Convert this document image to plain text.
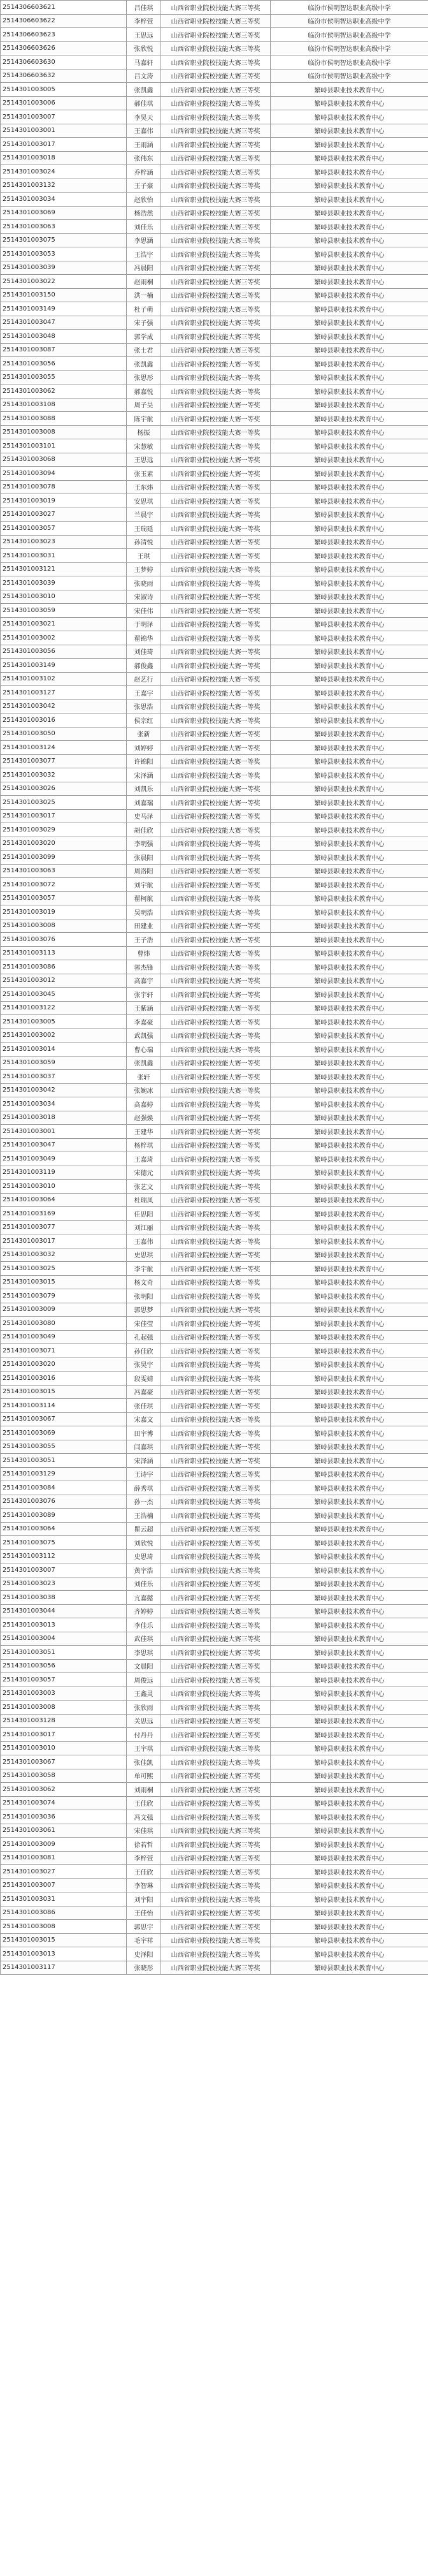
2514306603621	吕佳琪	山西省职业院校技能大赛三等奖	临汾市侯明智达职业高级中学
2514306603622	李梓萱	山西省职业院校技能大赛三等奖	临汾市侯明智达职业高级中学
2514306603623	王思远	山西省职业院校技能大赛三等奖	临汾市侯明智达职业高级中学
2514306603626	张欣悦	山西省职业院校技能大赛三等奖	临汾市侯明智达职业高级中学
2514306603630	马嘉轩	山西省职业院校技能大赛三等奖	临汾市侯明智达职业高级中学
2514306603632	吕文涛	山西省职业院校技能大赛三等奖	临汾市侯明智达职业高级中学
2514301003005	张凯鑫	山西省职业院校技能大赛三等奖	繁峙县职业技术教育中心
2514301003006	郝佳琪	山西省职业院校技能大赛三等奖	繁峙县职业技术教育中心
2514301003007	李昊天	山西省职业院校技能大赛三等奖	繁峙县职业技术教育中心
2514301003001	王嘉伟	山西省职业院校技能大赛三等奖	繁峙县职业技术教育中心
2514301003017	王雨涵	山西省职业院校技能大赛三等奖	繁峙县职业技术教育中心
2514301003018	张伟东	山西省职业院校技能大赛三等奖	繁峙县职业技术教育中心
2514301003024	乔梓涵	山西省职业院校技能大赛三等奖	繁峙县职业技术教育中心
2514301003132	王子豪	山西省职业院校技能大赛三等奖	繁峙县职业技术教育中心
2514301003034	赵欣怡	山西省职业院校技能大赛三等奖	繁峙县职业技术教育中心
2514301003069	杨浩然	山西省职业院校技能大赛三等奖	繁峙县职业技术教育中心
2514301003063	刘佳乐	山西省职业院校技能大赛三等奖	繁峙县职业技术教育中心
2514301003075	李思涵	山西省职业院校技能大赛三等奖	繁峙县职业技术教育中心
2514301003053	王浩宇	山西省职业院校技能大赛三等奖	繁峙县职业技术教育中心
2514301003039	冯晨阳	山西省职业院校技能大赛三等奖	繁峙县职业技术教育中心
2514301003022	赵雨桐	山西省职业院校技能大赛三等奖	繁峙县职业技术教育中心
2514301003150	洪一楠	山西省职业院校技能大赛三等奖	繁峙县职业技术教育中心
2514301003149	杜子萌	山西省职业院校技能大赛三等奖	繁峙县职业技术教育中心
2514301003047	宋子强	山西省职业院校技能大赛三等奖	繁峙县职业技术教育中心
2514301003048	郭学成	山西省职业院校技能大赛三等奖	繁峙县职业技术教育中心
2514301003087	张士君	山西省职业院校技能大赛三等奖	繁峙县职业技术教育中心
2514301003056	张凯鑫	山西省职业院校技能大赛一等奖	繁峙县职业技术教育中心
2514301003055	张思彤	山西省职业院校技能大赛一等奖	繁峙县职业技术教育中心
2514301003062	郝嘉悦	山西省职业院校技能大赛一等奖	繁峙县职业技术教育中心
2514301003108	周子昊	山西省职业院校技能大赛一等奖	繁峙县职业技术教育中心
2514301003088	陈宇航	山西省职业院校技能大赛一等奖	繁峙县职业技术教育中心
2514301003008	杨振	山西省职业院校技能大赛一等奖	繁峙县职业技术教育中心
2514301003101	宋慧敏	山西省职业院校技能大赛一等奖	繁峙县职业技术教育中心
2514301003068	王思远	山西省职业院校技能大赛一等奖	繁峙县职业技术教育中心
2514301003094	张玉素	山西省职业院校技能大赛一等奖	繁峙县职业技术教育中心
2514301003078	王东炜	山西省职业院校技能大赛一等奖	繁峙县职业技术教育中心
2514301003019	安思琪	山西省职业院校技能大赛一等奖	繁峙县职业技术教育中心
2514301003027	兰晨宇	山西省职业院校技能大赛一等奖	繁峙县职业技术教育中心
2514301003057	王瑞延	山西省职业院校技能大赛一等奖	繁峙县职业技术教育中心
2514301003023	孙清悦	山西省职业院校技能大赛一等奖	繁峙县职业技术教育中心
2514301003031	王琪	山西省职业院校技能大赛一等奖	繁峙县职业技术教育中心
2514301003121	王梦婷	山西省职业院校技能大赛一等奖	繁峙县职业技术教育中心
2514301003039	张晓雨	山西省职业院校技能大赛一等奖	繁峙县职业技术教育中心
2514301003010	宋淑诗	山西省职业院校技能大赛一等奖	繁峙县职业技术教育中心
2514301003059	宋佳伟	山西省职业院校技能大赛一等奖	繁峙县职业技术教育中心
2514301003021	于明泽	山西省职业院校技能大赛一等奖	繁峙县职业技术教育中心
2514301003002	翟锦华	山西省职业院校技能大赛一等奖	繁峙县职业技术教育中心
2514301003056	刘佳琦	山西省职业院校技能大赛一等奖	繁峙县职业技术教育中心
2514301003149	郝俊鑫	山西省职业院校技能大赛一等奖	繁峙县职业技术教育中心
2514301003102	赵艺行	山西省职业院校技能大赛一等奖	繁峙县职业技术教育中心
2514301003127	王嘉宇	山西省职业院校技能大赛一等奖	繁峙县职业技术教育中心
2514301003042	张思浩	山西省职业院校技能大赛一等奖	繁峙县职业技术教育中心
2514301003016	侯宗红	山西省职业院校技能大赛一等奖	繁峙县职业技术教育中心
2514301003050	张新	山西省职业院校技能大赛一等奖	繁峙县职业技术教育中心
2514301003124	刘婷婷	山西省职业院校技能大赛一等奖	繁峙县职业技术教育中心
2514301003077	许锦阳	山西省职业院校技能大赛一等奖	繁峙县职业技术教育中心
2514301003032	宋泽涵	山西省职业院校技能大赛一等奖	繁峙县职业技术教育中心
2514301003026	刘凯乐	山西省职业院校技能大赛一等奖	繁峙县职业技术教育中心
2514301003025	刘嘉瑞	山西省职业院校技能大赛一等奖	繁峙县职业技术教育中心
2514301003017	史马泽	山西省职业院校技能大赛一等奖	繁峙县职业技术教育中心
2514301003029	胡佳欣	山西省职业院校技能大赛一等奖	繁峙县职业技术教育中心
2514301003020	李明强	山西省职业院校技能大赛一等奖	繁峙县职业技术教育中心
2514301003099	张晨阳	山西省职业院校技能大赛一等奖	繁峙县职业技术教育中心
2514301003063	周洛阳	山西省职业院校技能大赛一等奖	繁峙县职业技术教育中心
2514301003072	刘宇航	山西省职业院校技能大赛一等奖	繁峙县职业技术教育中心
2514301003057	翟柯航	山西省职业院校技能大赛一等奖	繁峙县职业技术教育中心
2514301003019	吴明浩	山西省职业院校技能大赛一等奖	繁峙县职业技术教育中心
2514301003008	田建业	山西省职业院校技能大赛一等奖	繁峙县职业技术教育中心
2514301003076	王子浩	山西省职业院校技能大赛一等奖	繁峙县职业技术教育中心
2514301003113	曹炜	山西省职业院校技能大赛一等奖	繁峙县职业技术教育中心
2514301003086	郭杰锋	山西省职业院校技能大赛一等奖	繁峙县职业技术教育中心
2514301003012	高嘉宇	山西省职业院校技能大赛一等奖	繁峙县职业技术教育中心
2514301003045	张宇轩	山西省职业院校技能大赛一等奖	繁峙县职业技术教育中心
2514301003122	王紫涵	山西省职业院校技能大赛一等奖	繁峙县职业技术教育中心
2514301003005	李嘉豪	山西省职业院校技能大赛一等奖	繁峙县职业技术教育中心
2514301003002	武凯强	山西省职业院校技能大赛一等奖	繁峙县职业技术教育中心
2514301003014	曹心瑞	山西省职业院校技能大赛一等奖	繁峙县职业技术教育中心
2514301003059	张凯鑫	山西省职业院校技能大赛一等奖	繁峙县职业技术教育中心
2514301003037	张轩	山西省职业院校技能大赛一等奖	繁峙县职业技术教育中心
2514301003042	张婉冰	山西省职业院校技能大赛一等奖	繁峙县职业技术教育中心
2514301003034	高嘉婷	山西省职业院校技能大赛一等奖	繁峙县职业技术教育中心
2514301003018	赵强焕	山西省职业院校技能大赛一等奖	繁峙县职业技术教育中心
2514301003001	王建华	山西省职业院校技能大赛一等奖	繁峙县职业技术教育中心
2514301003047	杨梓琪	山西省职业院校技能大赛一等奖	繁峙县职业技术教育中心
2514301003049	王嘉琦	山西省职业院校技能大赛一等奖	繁峙县职业技术教育中心
2514301003119	宋德元	山西省职业院校技能大赛一等奖	繁峙县职业技术教育中心
2514301003010	张艺文	山西省职业院校技能大赛一等奖	繁峙县职业技术教育中心
2514301003064	杜瑞凤	山西省职业院校技能大赛一等奖	繁峙县职业技术教育中心
2514301003169	任思阳	山西省职业院校技能大赛一等奖	繁峙县职业技术教育中心
2514301003077	刘江丽	山西省职业院校技能大赛一等奖	繁峙县职业技术教育中心
2514301003017	王嘉伟	山西省职业院校技能大赛一等奖	繁峙县职业技术教育中心
2514301003032	史思琪	山西省职业院校技能大赛一等奖	繁峙县职业技术教育中心
2514301003025	李宇航	山西省职业院校技能大赛一等奖	繁峙县职业技术教育中心
2514301003015	杨文奇	山西省职业院校技能大赛一等奖	繁峙县职业技术教育中心
2514301003079	张明阳	山西省职业院校技能大赛一等奖	繁峙县职业技术教育中心
2514301003009	郭思梦	山西省职业院校技能大赛一等奖	繁峙县职业技术教育中心
2514301003080	宋佳莹	山西省职业院校技能大赛一等奖	繁峙县职业技术教育中心
2514301003049	孔起强	山西省职业院校技能大赛一等奖	繁峙县职业技术教育中心
2514301003071	孙佳欣	山西省职业院校技能大赛一等奖	繁峙县职业技术教育中心
2514301003020	张昊宇	山西省职业院校技能大赛一等奖	繁峙县职业技术教育中心
2514301003016	段雯婧	山西省职业院校技能大赛一等奖	繁峙县职业技术教育中心
2514301003015	冯嘉豪	山西省职业院校技能大赛一等奖	繁峙县职业技术教育中心
2514301003114	张佳琪	山西省职业院校技能大赛一等奖	繁峙县职业技术教育中心
2514301003067	宋嘉文	山西省职业院校技能大赛一等奖	繁峙县职业技术教育中心
2514301003069	田宇博	山西省职业院校技能大赛一等奖	繁峙县职业技术教育中心
2514301003055	闫嘉琪	山西省职业院校技能大赛一等奖	繁峙县职业技术教育中心
2514301003051	宋泽涵	山西省职业院校技能大赛一等奖	繁峙县职业技术教育中心
2514301003129	王诗宇	山西省职业院校技能大赛三等奖	繁峙县职业技术教育中心
2514301003084	薛秀琪	山西省职业院校技能大赛三等奖	繁峙县职业技术教育中心
2514301003076	孙一杰	山西省职业院校技能大赛三等奖	繁峙县职业技术教育中心
2514301003089	王浩楠	山西省职业院校技能大赛三等奖	繁峙县职业技术教育中心
2514301003064	瞿云超	山西省职业院校技能大赛三等奖	繁峙县职业技术教育中心
2514301003075	刘欣悦	山西省职业院校技能大赛三等奖	繁峙县职业技术教育中心
2514301003112	史思琦	山西省职业院校技能大赛三等奖	繁峙县职业技术教育中心
2514301003007	黄宇浩	山西省职业院校技能大赛三等奖	繁峙县职业技术教育中心
2514301003023	刘佳乐	山西省职业院校技能大赛三等奖	繁峙县职业技术教育中心
2514301003038	亢嘉懿	山西省职业院校技能大赛三等奖	繁峙县职业技术教育中心
2514301003044	齐婷婷	山西省职业院校技能大赛三等奖	繁峙县职业技术教育中心
2514301003013	李佳乐	山西省职业院校技能大赛三等奖	繁峙县职业技术教育中心
2514301003004	武佳琪	山西省职业院校技能大赛三等奖	繁峙县职业技术教育中心
2514301003051	李思琪	山西省职业院校技能大赛三等奖	繁峙县职业技术教育中心
2514301003056	文晨阳	山西省职业院校技能大赛三等奖	繁峙县职业技术教育中心
2514301003057	周俊远	山西省职业院校技能大赛三等奖	繁峙县职业技术教育中心
2514301003003	王鑫灵	山西省职业院校技能大赛三等奖	繁峙县职业技术教育中心
2514301003008	张欣雨	山西省职业院校技能大赛三等奖	繁峙县职业技术教育中心
2514301003128	关思远	山西省职业院校技能大赛三等奖	繁峙县职业技术教育中心
2514301003017	付丹丹	山西省职业院校技能大赛三等奖	繁峙县职业技术教育中心
2514301003010	王宇琪	山西省职业院校技能大赛三等奖	繁峙县职业技术教育中心
2514301003067	张佳凯	山西省职业院校技能大赛三等奖	繁峙县职业技术教育中心
2514301003058	单可熙	山西省职业院校技能大赛三等奖	繁峙县职业技术教育中心
2514301003062	刘雨桐	山西省职业院校技能大赛三等奖	繁峙县职业技术教育中心
2514301003074	王佳欣	山西省职业院校技能大赛三等奖	繁峙县职业技术教育中心
2514301003036	冯文强	山西省职业院校技能大赛三等奖	繁峙县职业技术教育中心
2514301003061	宋佳琪	山西省职业院校技能大赛三等奖	繁峙县职业技术教育中心
2514301003009	徐若哲	山西省职业院校技能大赛三等奖	繁峙县职业技术教育中心
2514301003081	李梓萱	山西省职业院校技能大赛三等奖	繁峙县职业技术教育中心
2514301003027	王佳欣	山西省职业院校技能大赛三等奖	繁峙县职业技术教育中心
2514301003007	李智琳	山西省职业院校技能大赛三等奖	繁峙县职业技术教育中心
2514301003031	刘宇阳	山西省职业院校技能大赛三等奖	繁峙县职业技术教育中心
2514301003086	王佳怡	山西省职业院校技能大赛三等奖	繁峙县职业技术教育中心
2514301003008	郭思宇	山西省职业院校技能大赛三等奖	繁峙县职业技术教育中心
2514301003015	毛宇祥	山西省职业院校技能大赛三等奖	繁峙县职业技术教育中心
2514301003013	史泽阳	山西省职业院校技能大赛三等奖	繁峙县职业技术教育中心
2514301003117	张晓彤	山西省职业院校技能大赛三等奖	繁峙县职业技术教育中心
